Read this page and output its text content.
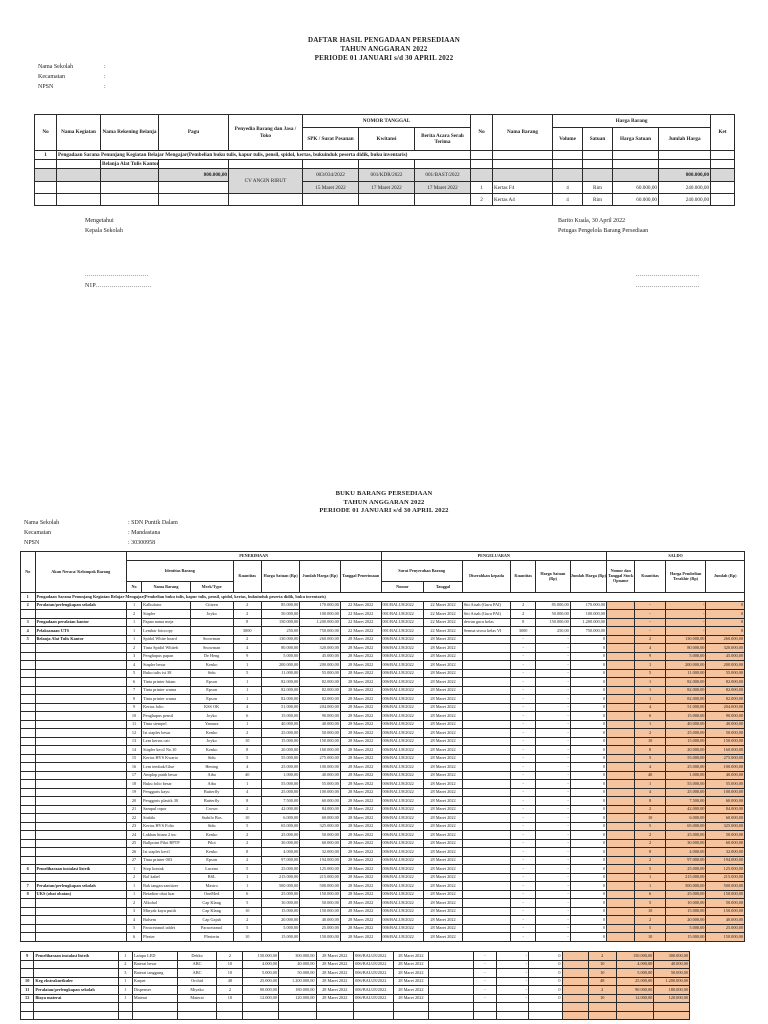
DAFTAR HASIL PENGADAAN PERSEDIAAN
TAHUN ANGGARAN 2022
PERIODE 01 JANUARI s/d 30 APRIL 2022
Nama Sekolah	:
Kecamatan	:
NPSN	:
No	Nama Kegiatan	Nama Rekening Belanja	Pagu	Penyedia Barang dan Jasa / Toko	NOMOR TANGGAL			No	Nama Barang	Harga Barang				Ket
					SPK / Surat Pesanan	Kwitansi	Berita Acara Serah Terima			Volume	Satuan	Harga Satuan	Jumlah Harga	
1	Pengadaan Sarana Penunjang Kegiatan Belajar Mengajar(Pembelian buku tulis, kapur tulis, pensil, spidol, kertas, bukuinduk peserta didik, buku inventaris)													
		Belanja Alat Tulis Kantor												
			800.000,00	CV ANGIN RIBUT	003/034/2022	001/KDR/2022	001/BAST/2022						800.000,00	
					15 Maret 2022	17 Maret 2022	17 Maret 2022	1	Kertas F4	4	Rim	60.000,00	240.000,00	
								2	Kertas A4	4	Rim	60.000,00	240.000,00	
Mengetahui
Kepala Sekolah
Barito Kuala, 30 April 2022
Petugas Pengelola Barang Persediaan
................................
NIP............................
................................
................................
BUKU BARANG PERSEDIAAN
TAHUN ANGGARAN 2022
PERIODE 01 JANUARI s/d 30 APRIL 2022
Nama Sekolah	: SDN Puntik Dalam
Kecamatan	: Mandastana
NPSN	: 30300958
No	Akun Neraca/ Kelompok Barang	PENERIMAAN							PENGELUARAN						SALDO			
		Identitas Barang			Kuantitas	Harga Satuan (Rp)	Jumlah Harga (Rp)	Tanggal Penerimaan	Surat Penyerahan Barang		Diserahkan kepada	Kuantitas	Harga Satuan (Rp)	Jumlah Harga (Rp)	Nomor dan Tanggal Stock Opname	Kuantitas	Harga Pembelian Terakhir (Rp)	Jumlah (Rp)
		No	Nama Barang	Merk/Type					Nomor	Tanggal								
1	Pengadaan Sarana Penunjang Kegiatan Belajar Mengajar(Pembelian buku tulis, kapur tulis, pensil, spidol, kertas, bukuinduk peserta didik, buku inventaris)																	
2	Peralatan/perlengkapan sekolah	1	Kalkulator	Citizen	2	85.000,00	170.000,00	22 Maret 2022	001/BALU8/2022	22 Maret 2022	Siti Aisah (Guru PAI)	2	85.000,00	170.000,00		-	-	0
		2	Stapler	Joyko	2	50.000,00	100.000,00	22 Maret 2022	001/BALU8/2022	22 Maret 2022	Siti Aisah (Guru PAI)	2	50.000,00	100.000,00		-	-	0
3	Pengadaan peralatan kantor	1	Papan nama meja		8	150.000,00	1.200.000,00	22 Maret 2022	001/BALU8/2022	22 Maret 2022	dewan guru kelas	8	150.000,00	1.200.000,00		-	-	0
4	Pelaksanaan UTS	1	Lembar fotocopy		3000	250,00	750.000,00	22 Maret 2022	001/BALU8/2022	22 Maret 2022	Semua siswa kelas VI	3000	250,00	750.000,00		-	-	0
5	Belanja Alat Tulis Kantor	1	Spidol White board	Snowman	2	130.000,00	260.000,00	28 Maret 2022	006/BALU8/2022	28 Maret 2022		-	-	0		2	130.000,00	260.000,00
		2	Tinta Spidol Whiteb	Snowman	4	80.000,00	320.000,00	28 Maret 2022	006/BALU8/2022	28 Maret 2022		-	-	0		4	80.000,00	320.000,00
		3	Penghapus papan	De Heng	9	5.000,00	45.000,00	28 Maret 2022	006/BALU8/2022	28 Maret 2022		-	-	0		9	5.000,00	45.000,00
		4	Stapler besar	Kenko	1	200.000,00	200.000,00	28 Maret 2022	006/BALU8/2022	28 Maret 2022		-	-	0		1	200.000,00	200.000,00
		5	Buku tulis isi 38	Sidu	5	11.000,00	55.000,00	28 Maret 2022	006/BALU8/2022	28 Maret 2022		-	-	0		5	11.000,00	55.000,00
		6	Tinta printer hitam	Epson	1	82.000,00	82.000,00	28 Maret 2022	006/BALU8/2022	28 Maret 2022		-	-	0		1	82.000,00	82.000,00
		7	Tinta printer warna	Epson	1	82.000,00	82.000,00	28 Maret 2022	006/BALU8/2022	28 Maret 2022		-	-	0		1	82.000,00	82.000,00
		8	Tinta printer warna	Epson	1	82.000,00	82.000,00	28 Maret 2022	006/BALU8/2022	28 Maret 2022		-	-	0		1	82.000,00	82.000,00
		9	Kertas folio	KSS OK	4	51.000,00	204.000,00	28 Maret 2022	006/BALU8/2022	28 Maret 2022		-	-	0		4	51.000,00	204.000,00
		10	Penghapus pensil	Joyko	6	15.000,00	90.000,00	28 Maret 2022	006/BALU8/2022	28 Maret 2022		-	-	0		6	15.000,00	90.000,00
		11	Tinta stempel	Yamura	1	40.000,00	40.000,00	28 Maret 2022	006/BALU8/2022	28 Maret 2022		-	-	0		1	40.000,00	40.000,00
		12	Isi staples besar	Kenko	2	25.000,00	50.000,00	28 Maret 2022	006/BALU8/2022	28 Maret 2022		-	-	0		2	25.000,00	50.000,00
		13	Lem kertas cair	Joyko	10	15.000,00	150.000,00	28 Maret 2022	006/BALU8/2022	28 Maret 2022		-	-	0		10	15.000,00	150.000,00
		14	Stapler kecil No.10	Kenko	8	20.000,00	160.000,00	28 Maret 2022	006/BALU8/2022	28 Maret 2022		-	-	0		8	20.000,00	160.000,00
		15	Kertas HVS Kwarto	Sidu	5	55.000,00	275.000,00	28 Maret 2022	006/BALU8/2022	28 Maret 2022		-	-	0		5	55.000,00	275.000,00
		16	Lem tembak/Glue	Hening	4	25.000,00	100.000,00	28 Maret 2022	006/BALU8/2022	28 Maret 2022		-	-	0		4	25.000,00	100.000,00
		17	Amplop putih besar	Aiba	40	1.000,00	40.000,00	28 Maret 2022	006/BALU8/2022	28 Maret 2022		-	-	0		40	1.000,00	40.000,00
		18	Buku folio besar	Aiba	1	55.000,00	55.000,00	28 Maret 2022	006/BALU8/2022	28 Maret 2022		-	-	0		1	55.000,00	55.000,00
		19	Penggaris kayu	Butterfly	4	25.000,00	100.000,00	28 Maret 2022	006/BALU8/2022	28 Maret 2022		-	-	0		4	25.000,00	100.000,00
		20	Penggaris plastik 30	Butterfly	8	7.500,00	60.000,00	28 Maret 2022	006/BALU8/2022	28 Maret 2022		-	-	0		8	7.500,00	60.000,00
		21	Sampul rapor	Crown	2	42.000,00	84.000,00	28 Maret 2022	006/BALU8/2022	28 Maret 2022		-	-	0		2	42.000,00	84.000,00
		22	Stabilo	Stabilo Bos	10	6.000,00	60.000,00	28 Maret 2022	006/BALU8/2022	28 Maret 2022		-	-	0		10	6.000,00	60.000,00
		23	Kertas HVS Folio	Sidu	5	65.000,00	325.000,00	28 Maret 2022	006/BALU8/2022	28 Maret 2022		-	-	0		5	65.000,00	325.000,00
		24	Lakban hitam 2 inc	Kenko	2	25.000,00	50.000,00	28 Maret 2022	006/BALU8/2022	28 Maret 2022		-	-	0		2	25.000,00	50.000,00
		25	Ballpoint Pilot BPTP	Pilot	2	30.000,00	60.000,00	28 Maret 2022	006/BALU8/2022	28 Maret 2022		-	-	0		2	30.000,00	60.000,00
		26	Isi staples kecil	Kenko	8	4.000,00	32.000,00	28 Maret 2022	006/BALU8/2022	28 Maret 2022		-	-	0		8	4.000,00	32.000,00
		27	Tinta printer 003	Epson	2	97.000,00	194.000,00	28 Maret 2022	006/BALU8/2022	28 Maret 2022		-	-	0		2	97.000,00	194.000,00
6	Pemeliharaan instalasi listrik	1	Stop kontak	Luceno	5	25.000,00	125.000,00	28 Maret 2022	006/BALU8/2022	28 Maret 2022		-	-	0		5	25.000,00	125.000,00
		2	Rol kabel	BSL	1	215.000,00	215.000,00	28 Maret 2022	006/BALU8/2022	28 Maret 2022		-	-	0		1	215.000,00	215.000,00
7	Peralatan/perlengkapan sekolah	1	Bak tangan sanitizer	Mastro	1	500.000,00	500.000,00	28 Maret 2022	006/BALU8/2022	28 Maret 2022		-	-	0		1	500.000,00	500.000,00
8	UKS (obat obatan)	1	Betadine obat luar	OneMed	6	25.000,00	150.000,00	28 Maret 2022	006/BALU8/2022	28 Maret 2022		-	-	0		6	25.000,00	150.000,00
		2	Alkohol	Cap Klang	5	10.000,00	50.000,00	28 Maret 2022	006/BALU8/2022	28 Maret 2022		-	-	0		5	10.000,00	50.000,00
		3	Minyak kayu putih	Cap Klang	10	15.000,00	150.000,00	28 Maret 2022	006/BALU8/2022	28 Maret 2022		-	-	0		10	15.000,00	150.000,00
		4	Balsem	Cap Gajah	2	20.000,00	40.000,00	28 Maret 2022	006/BALU8/2022	28 Maret 2022		-	-	0		2	20.000,00	40.000,00
		5	Paracetamol tablet	Paracetamol	5	5.000,00	25.000,00	28 Maret 2022	006/BALU8/2022	28 Maret 2022		-	-	0		5	5.000,00	25.000,00
		6	Plester	Plesterin	10	15.000,00	150.000,00	28 Maret 2022	006/BALU8/2022	28 Maret 2022		-	-	0		10	15.000,00	150.000,00
9	Pemeliharaan instalasi listrik	1	Lampu LED	Dekko	2	150.000,00	300.000,00	28 Maret 2022	006/BALU8/2022	28 Maret 2022		-	-	0		2	150.000,00	300.000,00
		2	Baterai besar	ABC	10	4.000,00	40.000,00	28 Maret 2022	006/BALU8/2022	28 Maret 2022		-	-	0		10	4.000,00	40.000,00
		3	Baterai tanggung	ABC	10	5.000,00	50.000,00	28 Maret 2022	006/BALU8/2022	28 Maret 2022		-	-	0		10	5.000,00	50.000,00
10	Keg ekstrakurikuler	1	Karpet	Orchid	48	25.000,00	1.200.000,00	28 Maret 2022	006/BALU8/2022	28 Maret 2022		-	-	0		48	25.000,00	1.200.000,00
11	Peralatan/perlengkapan sekolah	1	Dispenser	Miyako	2	90.000,00	180.000,00	28 Maret 2022	006/BALU8/2022	28 Maret 2022		-	-	0		2	90.000,00	180.000,00
12	Biaya materai	1	Materai	Materai	10	12.000,00	120.000,00	28 Maret 2022	006/BALU8/2022	28 Maret 2022		-	-	0		10	12.000,00	120.000,00
